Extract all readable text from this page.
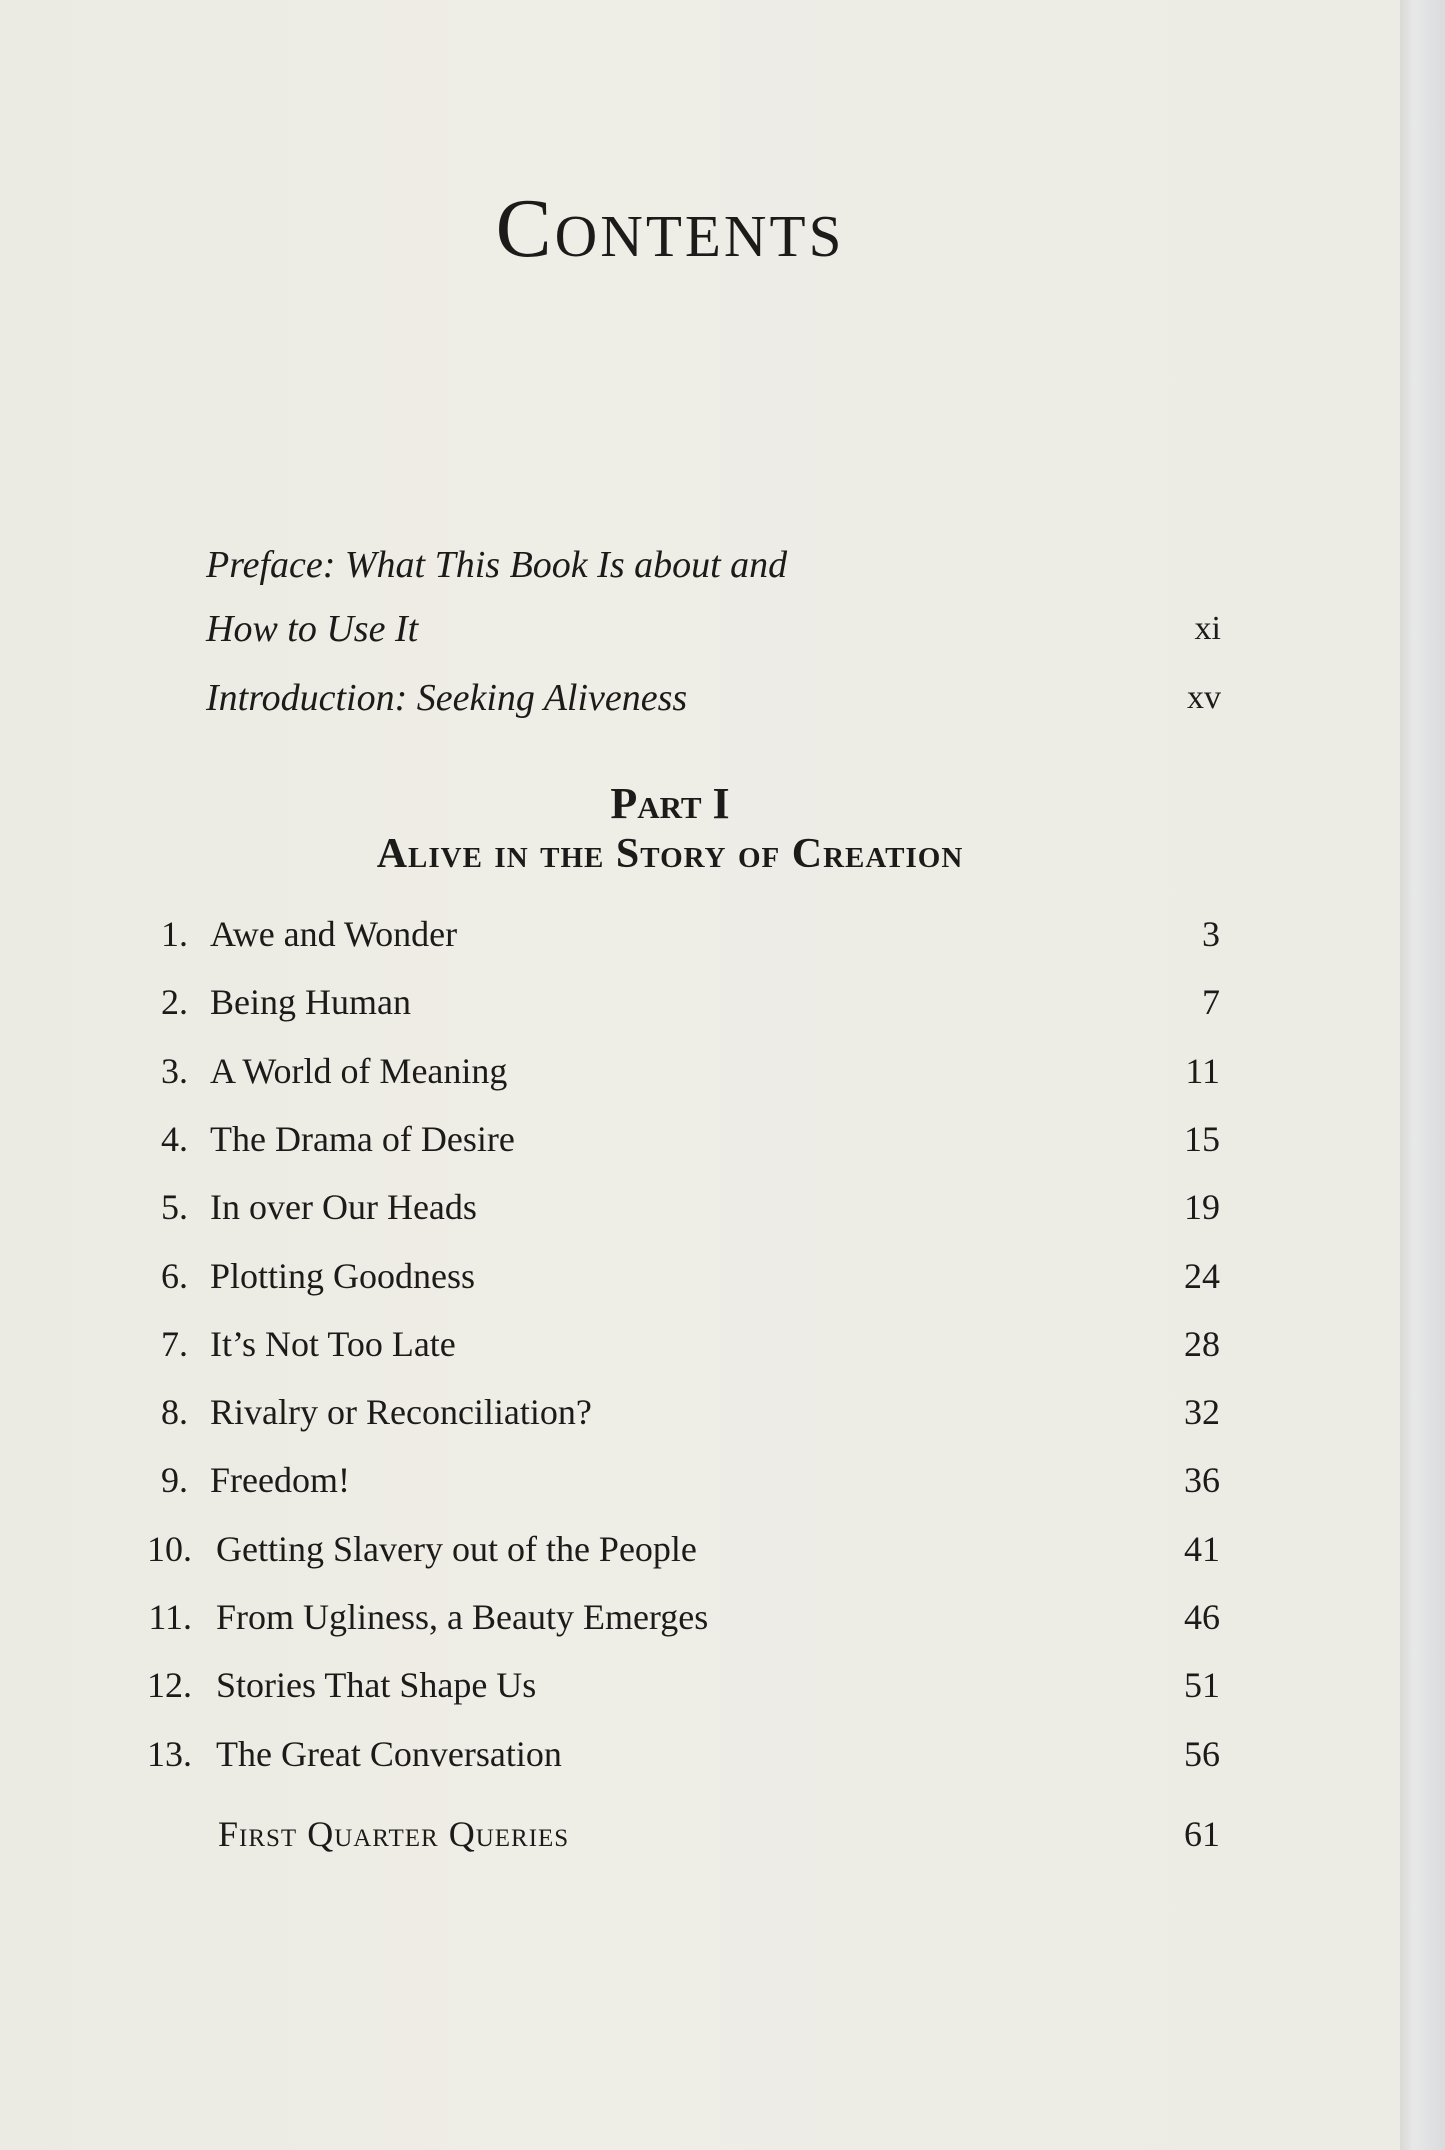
Contents
Preface: What This Book Is about and
How to Use It	xi
Introduction: Seeking Aliveness	xv
Part I
Alive in the Story of Creation
1. Awe and Wonder	3
2. Being Human	7
3. A World of Meaning	11
4. The Drama of Desire	15
5. In over Our Heads	19
6. Plotting Goodness	24
7. It’s Not Too Late	28
8. Rivalry or Reconciliation?	32
9. Freedom!	36
10. Getting Slavery out of the People	41
11. From Ugliness, a Beauty Emerges	46
12. Stories That Shape Us	51
13. The Great Conversation	56
First Quarter Queries	61
